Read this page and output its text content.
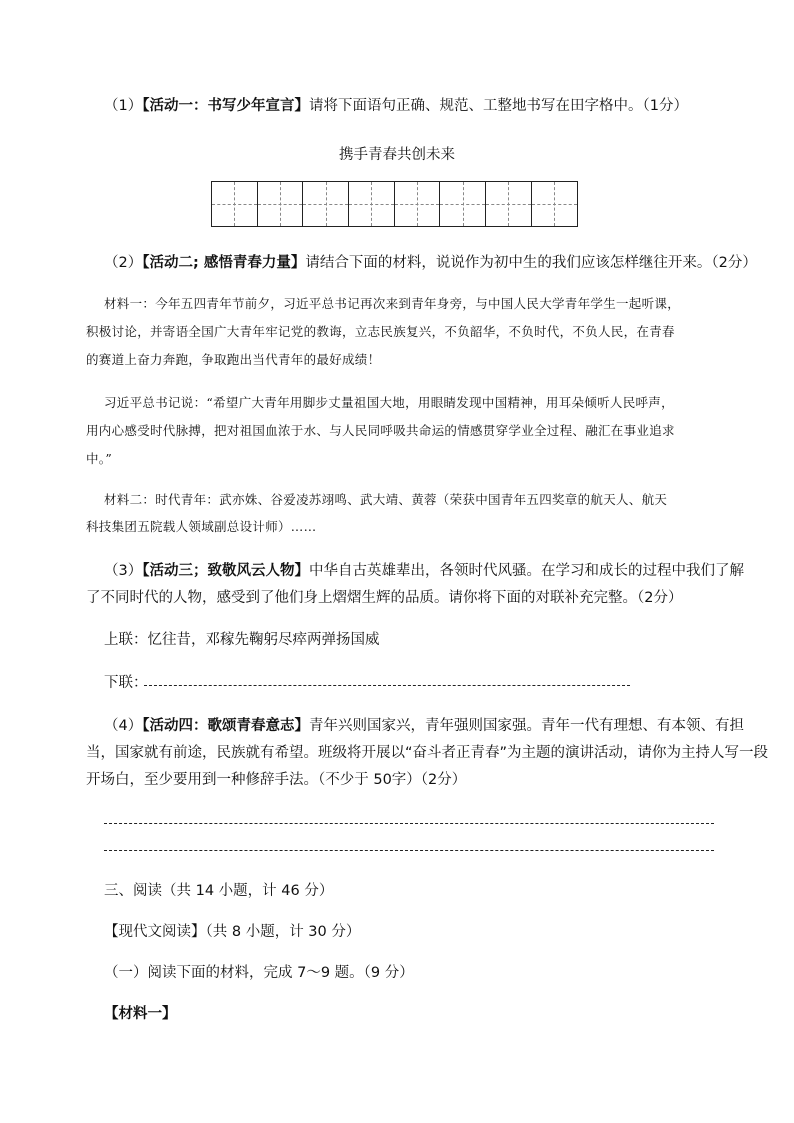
（1）【活动一：书写少年宣言】请将下面语句正确、规范、工整地书写在田字格中。（1分）
携手青春共创未来
（2）【活动二; 感悟青春力量】请结合下面的材料，说说作为初中生的我们应该怎样继往开来。（2分）
材料一：今年五四青年节前夕，习近平总书记再次来到青年身旁，与中国人民大学青年学生一起听课，
积极讨论，并寄语全国广大青年牢记党的教诲，立志民族复兴，不负韶华，不负时代，不负人民，在青春
的赛道上奋力奔跑，争取跑出当代青年的最好成绩！
习近平总书记说：“希望广大青年用脚步丈量祖国大地，用眼睛发现中国精神，用耳朵倾听人民呼声，
用内心感受时代脉搏，把对祖国血浓于水、与人民同呼吸共命运的情感贯穿学业全过程、融汇在事业追求
中。”
材料二：时代青年：武亦姝、谷爱凌苏翊鸣、武大靖、黄蓉（荣获中国青年五四奖章的航天人、航天
科技集团五院载人领域副总设计师）……
（3）【活动三；致敬风云人物】中华自古英雄辈出，各领时代风骚。在学习和成长的过程中我们了解
了不同时代的人物，感受到了他们身上熠熠生辉的品质。请你将下面的对联补充完整。（2分）
上联：忆往昔，邓稼先鞠躬尽瘁两弹扬国威
下联：
（4）【活动四：歌颂青春意志】青年兴则国家兴，青年强则国家强。青年一代有理想、有本领、有担
当，国家就有前途，民族就有希望。班级将开展以“奋斗者正青春”为主题的演讲活动，请你为主持人写一段
开场白，至少要用到一种修辞手法。（不少于 50字）（2分）
三、阅读（共 14 小题，计 46 分）
【现代文阅读】（共 8 小题，计 30 分）
（一）阅读下面的材料，完成 7～9 题。（9 分）
【材料一】
